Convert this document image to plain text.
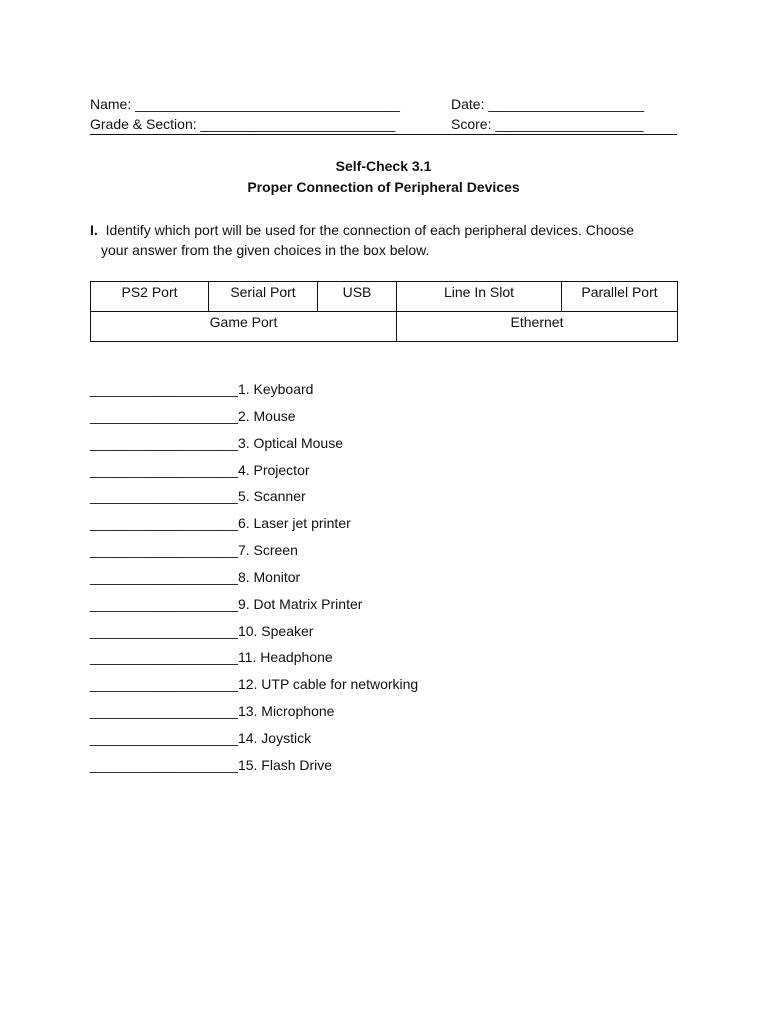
Name: __________________________________	Date: ____________________
Grade & Section: _________________________	Score: ___________________
Self-Check 3.1
Proper Connection of Peripheral Devices
I. Identify which port will be used for the connection of each peripheral devices. Choose
your answer from the given choices in the box below.
PS2 Port	Serial Port	USB	Line In Slot	Parallel Port
Game Port			Ethernet	
___________________1. Keyboard
___________________2. Mouse
___________________3. Optical Mouse
___________________4. Projector
___________________5. Scanner
___________________6. Laser jet printer
___________________7. Screen
___________________8. Monitor
___________________9. Dot Matrix Printer
___________________10. Speaker
___________________11. Headphone
___________________12. UTP cable for networking
___________________13. Microphone
___________________14. Joystick
___________________15. Flash Drive
